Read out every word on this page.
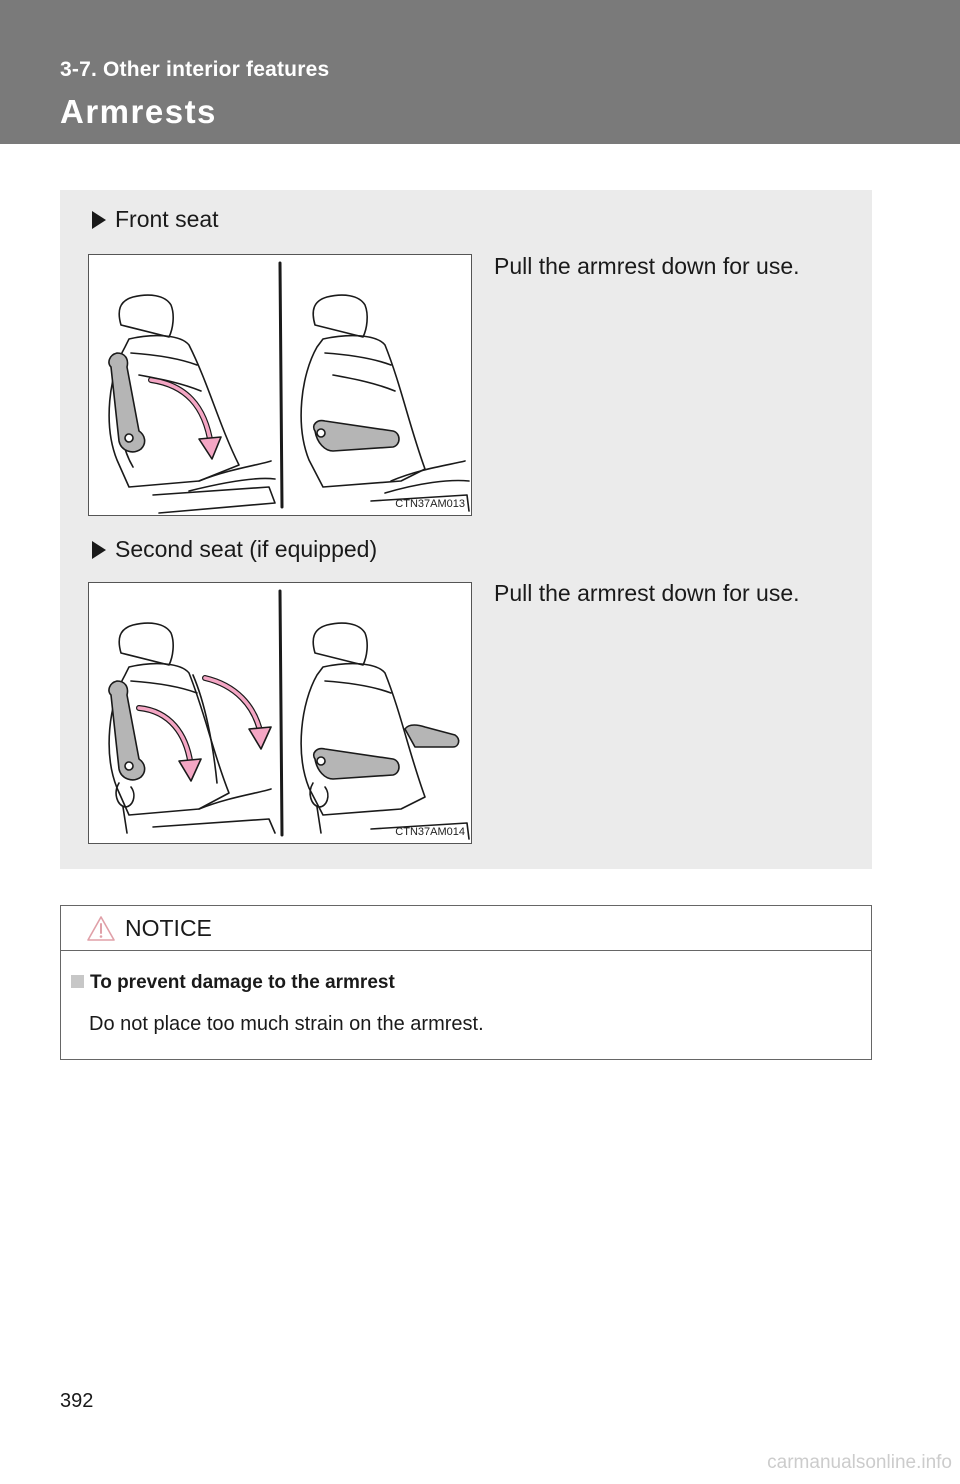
3-7. Other interior features
Armrests
Front seat
Pull the armrest down for use.
CTN37AM013
Second seat (if equipped)
Pull the armrest down for use.
CTN37AM014
NOTICE
To prevent damage to the armrest
Do not place too much strain on the armrest.
392
carmanualsonline.info
